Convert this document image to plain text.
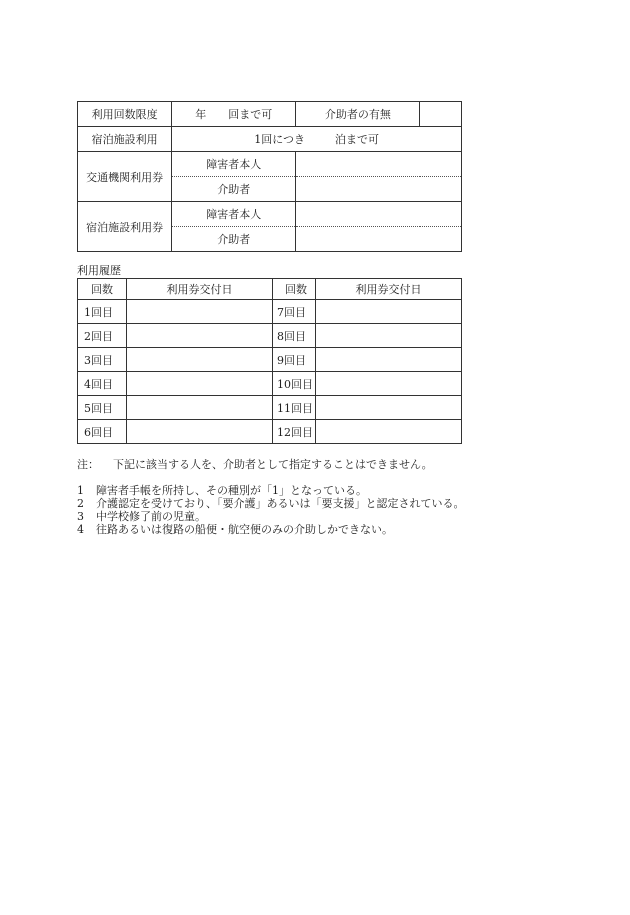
利用回数限度	年 回まで可	介助者の有無	
宿泊施設利用	1回につき 泊まで可		
交通機関利用券	障害者本人		
	介助者		
宿泊施設利用券	障害者本人		
	介助者		
利用履歴
回数	利用券交付日	回数	利用券交付日
1回目		7回目	
2回目		8回目	
3回目		9回目	
4回目		10回目	
5回目		11回目	
6回目		12回目	
注：	下記に該当する人を、介助者として指定することはできません。
1	障害者手帳を所持し、その種別が「1」となっている。
2	介護認定を受けており、「要介護」あるいは「要支援」と認定されている。
3	中学校修了前の児童。
4	往路あるいは復路の船便・航空便のみの介助しかできない。
